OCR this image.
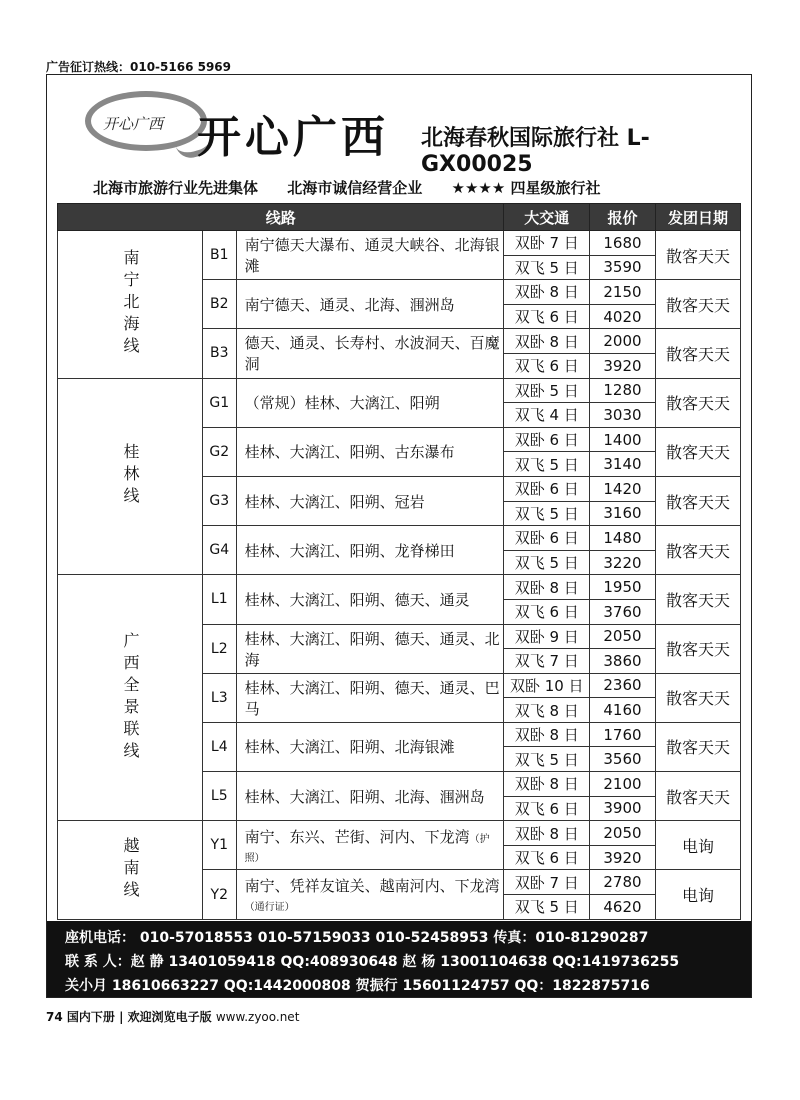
广告征订热线：010-5166 5969
开心广西 开心广西 北海春秋国际旅行社 L-GX00025
北海市旅游行业先进集体 北海市诚信经营企业 ★★★★ 四星级旅行社
线路			大交通	报价	发团日期
南宁北海线	B1	南宁德天大瀑布、通灵大峡谷、北海银滩	双卧 7 日	1680	散客天天
			双飞 5 日	3590	
	B2	南宁德天、通灵、北海、涠洲岛	双卧 8 日	2150	散客天天
			双飞 6 日	4020	
	B3	德天、通灵、长寿村、水波洞天、百魔洞	双卧 8 日	2000	散客天天
			双飞 6 日	3920	
桂林线	G1	（常规）桂林、大漓江、阳朔	双卧 5 日	1280	散客天天
			双飞 4 日	3030	
	G2	桂林、大漓江、阳朔、古东瀑布	双卧 6 日	1400	散客天天
			双飞 5 日	3140	
	G3	桂林、大漓江、阳朔、冠岩	双卧 6 日	1420	散客天天
			双飞 5 日	3160	
	G4	桂林、大漓江、阳朔、龙脊梯田	双卧 6 日	1480	散客天天
			双飞 5 日	3220	
广西全景联线	L1	桂林、大漓江、阳朔、德天、通灵	双卧 8 日	1950	散客天天
			双飞 6 日	3760	
	L2	桂林、大漓江、阳朔、德天、通灵、北海	双卧 9 日	2050	散客天天
			双飞 7 日	3860	
	L3	桂林、大漓江、阳朔、德天、通灵、巴马	双卧 10 日	2360	散客天天
			双飞 8 日	4160	
	L4	桂林、大漓江、阳朔、北海银滩	双卧 8 日	1760	散客天天
			双飞 5 日	3560	
	L5	桂林、大漓江、阳朔、北海、涠洲岛	双卧 8 日	2100	散客天天
			双飞 6 日	3900	
越南线	Y1	南宁、东兴、芒街、河内、下龙湾（护照）	双卧 8 日	2050	电询
			双飞 6 日	3920	
	Y2	南宁、凭祥友谊关、越南河内、下龙湾（通行证）	双卧 7 日	2780	电询
			双飞 5 日	4620	
座机电话： 010-57018553 010-57159033 010-52458953 传真：010-81290287
联 系 人：赵 静 13401059418 QQ:408930648 赵 杨 13001104638 QQ:1419736255
关小月 18610663227 QQ:1442000808 贺振行 15601124757 QQ：1822875716
74 国内下册 | 欢迎浏览电子版 www.zyoo.net
